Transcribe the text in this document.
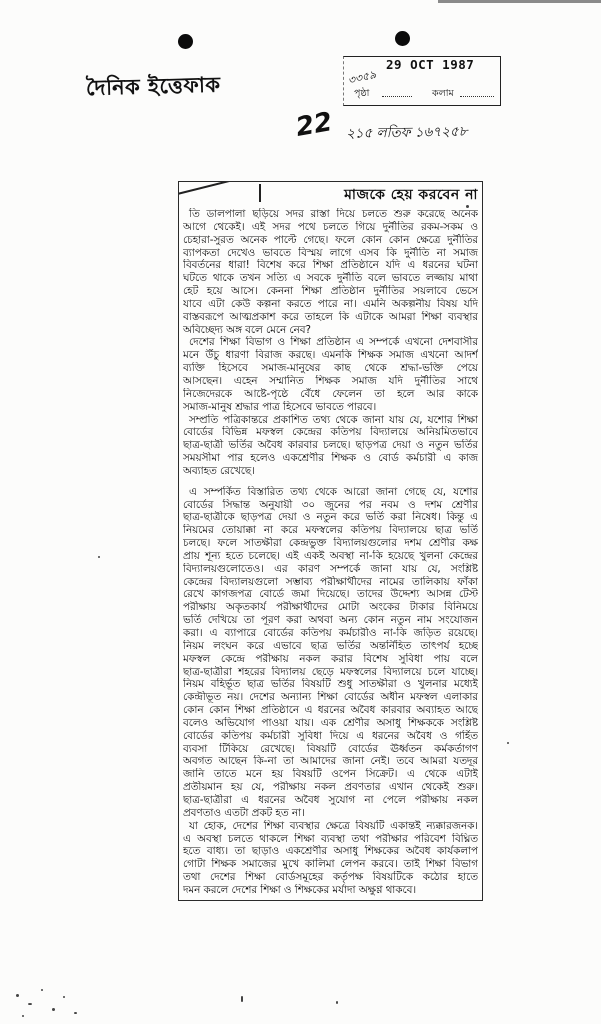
দৈনিক ইত্তেফাক	৩৩৫৯
29 OCT 1987
পৃষ্ঠা	কলাম
22 ২১৫ লতিফ ১৬৭২৫৮
মাজকে হেয় করবেন না
তি ডালপালা ছড়িয়ে সদর রাস্তা দিয়ে চলতে শুরু করেছে অনেক
আগে থেকেই। এই সদর পথে চলতে গিয়ে দুর্নীতির রকম-সকম ও
চেহারা-সুরত অনেক পাল্টে গেছে। ফলে কোন কোন ক্ষেত্রে দুর্নীতির
ব্যাপকতা দেখেও ভাবতে বিস্ময় লাগে এসব কি দুর্নীতি না সমাজ
বিবর্তনের ধারা! বিশেষ করে শিক্ষা প্রতিষ্ঠানে যদি এ ধরনের ঘটনা
ঘটতে থাকে তখন সত্যি এ সবকে দুর্নীতি বলে ভাবতে লজ্জায় মাথা
হেট হয়ে আসে। কেননা শিক্ষা প্রতিষ্ঠান দুর্নীতির সয়লাবে ভেসে
যাবে এটা কেউ কল্পনা করতে পারে না। এমনি অকল্পনীয় বিষয় যদি
বাস্তবরূপে আত্মপ্রকাশ করে তাহলে কি এটাকে আমরা শিক্ষা ব্যবস্থার
অবিচ্ছেদ্য অঙ্গ বলে মেনে নেব?
দেশের শিক্ষা বিভাগ ও শিক্ষা প্রতিষ্ঠান এ সম্পর্কে এখনো দেশবাসীর
মনে উঁচু ধারণা বিরাজ করছে। এমনকি শিক্ষক সমাজ এখনো আদর্শ
ব্যক্তি হিসেবে সমাজ-মানুষের কাছ থেকে শ্রদ্ধা-ভক্তি পেয়ে
আসছেন। এহেন সম্মানিত শিক্ষক সমাজ যদি দুর্নীতির সাথে
নিজেদেরকে আষ্টে-পৃষ্ঠে বেঁধে ফেলেন তা হলে আর কাকে
সমাজ-মানুষ শ্রদ্ধার পাত্র হিসেবে ভাবতে পারবে।
সম্প্রতি পত্রিকান্তরে প্রকাশিত তথ্য থেকে জানা যায় যে, যশোর শিক্ষা
বোর্ডের বিভিন্ন মফস্বল কেন্দ্রের কতিপয় বিদ্যালয়ে অনিয়মিতভাবে
ছাত্র-ছাত্রী ভর্তির অবৈধ কারবার চলছে। ছাড়পত্র দেয়া ও নতুন ভর্তির
সময়সীমা পার হলেও একশ্রেণীর শিক্ষক ও বোর্ড কর্মচারী এ কাজ
অব্যাহত রেখেছে।
এ সম্পর্কিত বিস্তারিত তথ্য থেকে আরো জানা গেছে যে, যশোর
বোর্ডের সিদ্ধান্ত অনুযায়ী ৩০ জুনের পর নবম ও দশম শ্রেণীর
ছাত্র-ছাত্রীকে ছাড়পত্র দেয়া ও নতুন করে ভর্তি করা নিষেধ। কিন্তু এ
নিয়মের তোয়াক্কা না করে মফস্বলের কতিপয় বিদ্যালয়ে ছাত্র ভর্তি
চলছে। ফলে সাতক্ষীরা কেন্দ্রভুক্ত বিদ্যালয়গুলোর দশম শ্রেণীর কক্ষ
প্রায় শূন্য হতে চলেছে। এই একই অবস্থা না-কি হয়েছে খুলনা কেন্দ্রের
বিদ্যালয়গুলোতেও। এর কারণ সম্পর্কে জানা যায় যে, সংশ্লিষ্ট
কেন্দ্রের বিদ্যালয়গুলো সম্ভাব্য পরীক্ষার্থীদের নামের তালিকায় ফাঁকা
রেখে কাগজপত্র বোর্ডে জমা দিয়েছে। তাদের উদ্দেশ্য আসন্ন টেস্ট
পরীক্ষায় অকৃতকার্য পরীক্ষার্থীদের মোটা অংকের টাকার বিনিময়ে
ভর্তি দেখিয়ে তা পূরণ করা অথবা অন্য কোন নতুন নাম সংযোজন
করা। এ ব্যাপারে বোর্ডের কতিপয় কর্মচারীও না-কি জড়িত রয়েছে।
নিয়ম লংঘন করে এভাবে ছাত্র ভর্তির অন্তর্নিহিত তাৎপর্য হচ্ছে
মফস্বল কেন্দ্রে পরীক্ষায় নকল করার বিশেষ সুবিধা পায় বলে
ছাত্র-ছাত্রীরা শহরের বিদ্যালয় ছেড়ে মফস্বলের বিদ্যালয়ে চলে যাচ্ছে।
নিয়ম বহির্ভূত ছাত্র ভর্তির বিষয়টি শুধু সাতক্ষীরা ও খুলনার মধ্যেই
কেন্দ্রীভূত নয়। দেশের অন্যান্য শিক্ষা বোর্ডের অধীন মফস্বল এলাকার
কোন কোন শিক্ষা প্রতিষ্ঠানে এ ধরনের অবৈধ কারবার অব্যাহত আছে
বলেও অভিযোগ পাওয়া যায়। এক শ্রেণীর অসাধু শিক্ষককে সংশ্লিষ্ট
বোর্ডের কতিপয় কর্মচারী সুবিধা দিয়ে এ ধরনের অবৈধ ও গর্হিত
ব্যবসা টিকিয়ে রেখেছে। বিষয়টি বোর্ডের ঊর্ধ্বতন কর্মকর্তাগণ
অবগত আছেন কি-না তা আমাদের জানা নেই। তবে আমরা যতদূর
জানি তাতে মনে হয় বিষয়টি ওপেন সিক্রেট। এ থেকে এটাই
প্রতীয়মান হয় যে, পরীক্ষায় নকল প্রবণতার এখান থেকেই শুরু।
ছাত্র-ছাত্রীরা এ ধরনের অবৈধ সুযোগ না পেলে পরীক্ষায় নকল
প্রবণতাও এতটা প্রকট হত না।
যা হোক, দেশের শিক্ষা ব্যবস্থার ক্ষেত্রে বিষয়টি একান্তই ন্যক্কারজনক।
এ অবস্থা চলতে থাকলে শিক্ষা ব্যবস্থা তথা পরীক্ষার পরিবেশ বিঘ্নিত
হতে বাধ্য। তা ছাড়াও একশ্রেণীর অসাধু শিক্ষকের অবৈধ কার্যকলাপ
গোটা শিক্ষক সমাজের মুখে কালিমা লেপন করবে। তাই শিক্ষা বিভাগ
তথা দেশের শিক্ষা বোর্ডসমূহের কর্তৃপক্ষ বিষয়টিকে কঠোর হাতে
দমন করলে দেশের শিক্ষা ও শিক্ষকের মর্যাদা অক্ষুণ্ণ থাকবে।
